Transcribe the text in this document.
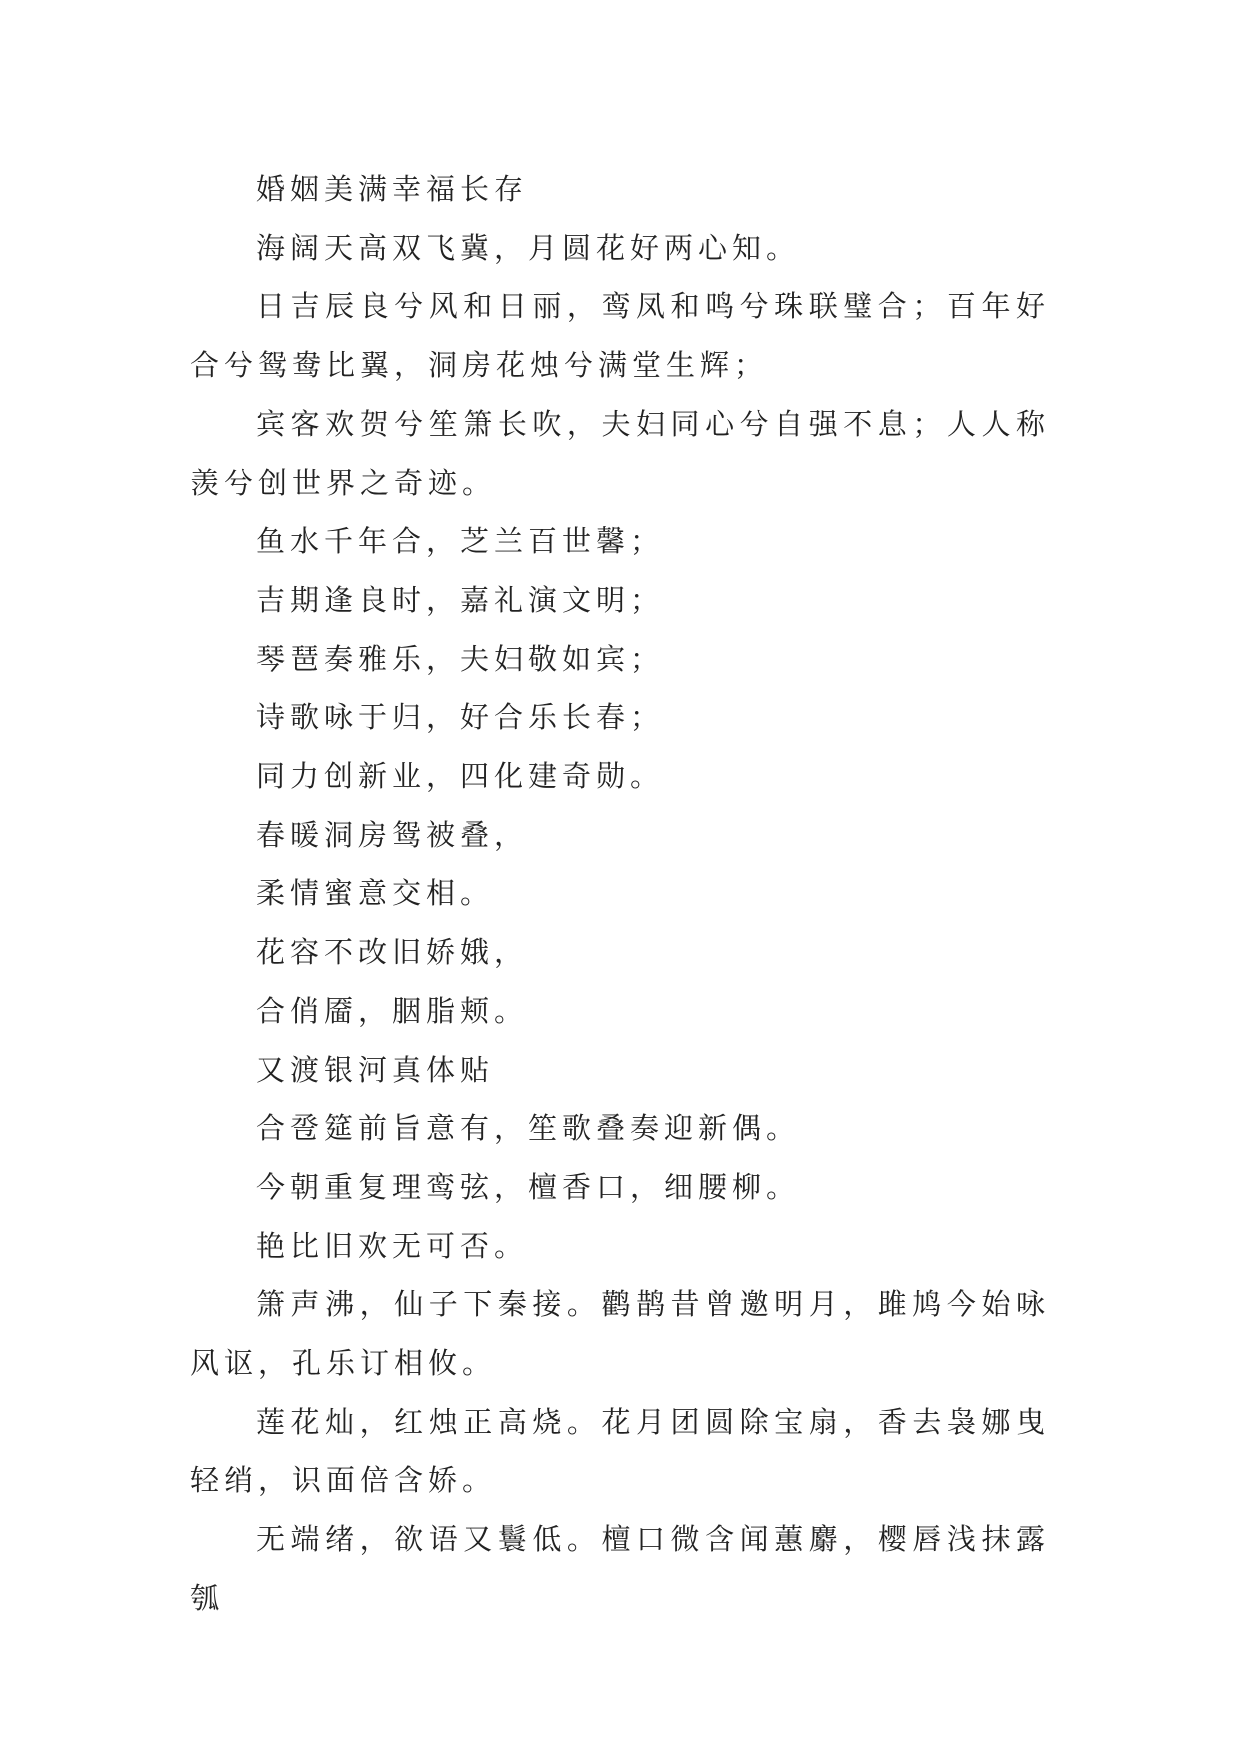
婚姻美满幸福长存

海阔天高双飞冀，月圆花好两心知。

日吉辰良兮风和日丽，鸾凤和鸣兮珠联璧合；百年好合兮鸳鸯比翼，洞房花烛兮满堂生辉；

宾客欢贺兮笙箫长吹，夫妇同心兮自强不息；人人称羡兮创世界之奇迹。

鱼水千年合，芝兰百世馨；

吉期逢良时，嘉礼演文明；

琴琶奏雅乐，夫妇敬如宾；

诗歌咏于归，好合乐长春；

同力创新业，四化建奇勋。

春暖洞房鸳被叠，

柔情蜜意交相。

花容不改旧娇娥，

合俏靥，胭脂颊。

又渡银河真体贴

合卺筵前旨意有，笙歌叠奏迎新偶。

今朝重复理鸾弦，檀香口，细腰柳。

艳比旧欢无可否。

箫声沸，仙子下秦接。鹳鹊昔曾邀明月，雎鸠今始咏风讴，孔乐订相攸。

莲花灿，红烛正高烧。花月团圆除宝扇，香去袅娜曳轻绡，识面倍含娇。

无端绪，欲语又鬟低。檀口微含闻蕙麝，樱唇浅抹露瓠
